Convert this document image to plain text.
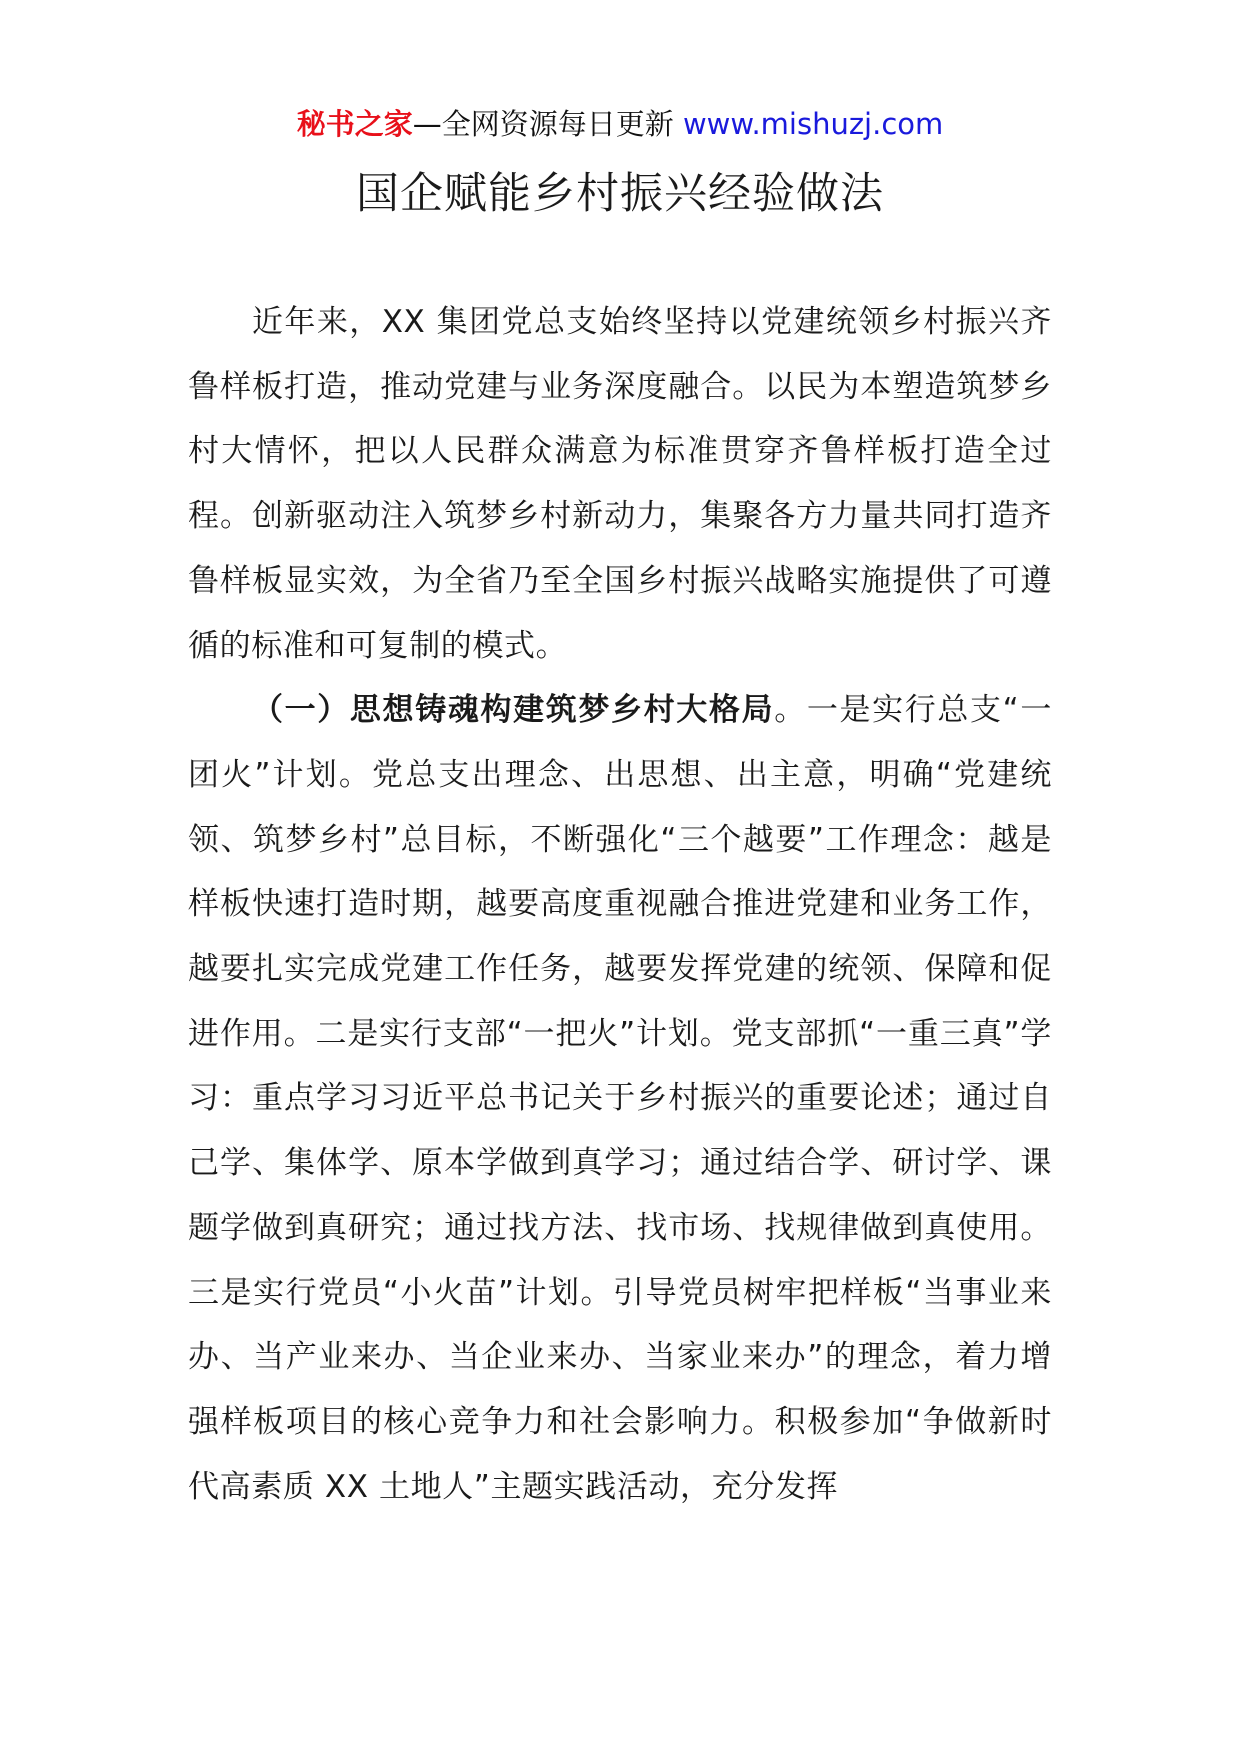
秘书之家—全网资源每日更新 www.mishuzj.com
国企赋能乡村振兴经验做法

近年来，XX 集团党总支始终坚持以党建统领乡村振兴齐鲁样板打造，推动党建与业务深度融合。以民为本塑造筑梦乡村大情怀，把以人民群众满意为标准贯穿齐鲁样板打造全过程。创新驱动注入筑梦乡村新动力，集聚各方力量共同打造齐鲁样板显实效，为全省乃至全国乡村振兴战略实施提供了可遵循的标准和可复制的模式。

（一）思想铸魂构建筑梦乡村大格局。一是实行总支“一团火”计划。党总支出理念、出思想、出主意，明确“党建统领、筑梦乡村”总目标，不断强化“三个越要”工作理念：越是样板快速打造时期，越要高度重视融合推进党建和业务工作，越要扎实完成党建工作任务，越要发挥党建的统领、保障和促进作用。二是实行支部“一把火”计划。党支部抓“一重三真”学习：重点学习习近平总书记关于乡村振兴的重要论述；通过自己学、集体学、原本学做到真学习；通过结合学、研讨学、课题学做到真研究；通过找方法、找市场、找规律做到真使用。三是实行党员“小火苗”计划。引导党员树牢把样板“当事业来办、当产业来办、当企业来办、当家业来办”的理念，着力增强样板项目的核心竞争力和社会影响力。积极参加“争做新时代高素质 XX 土地人”主题实践活动，充分发挥
